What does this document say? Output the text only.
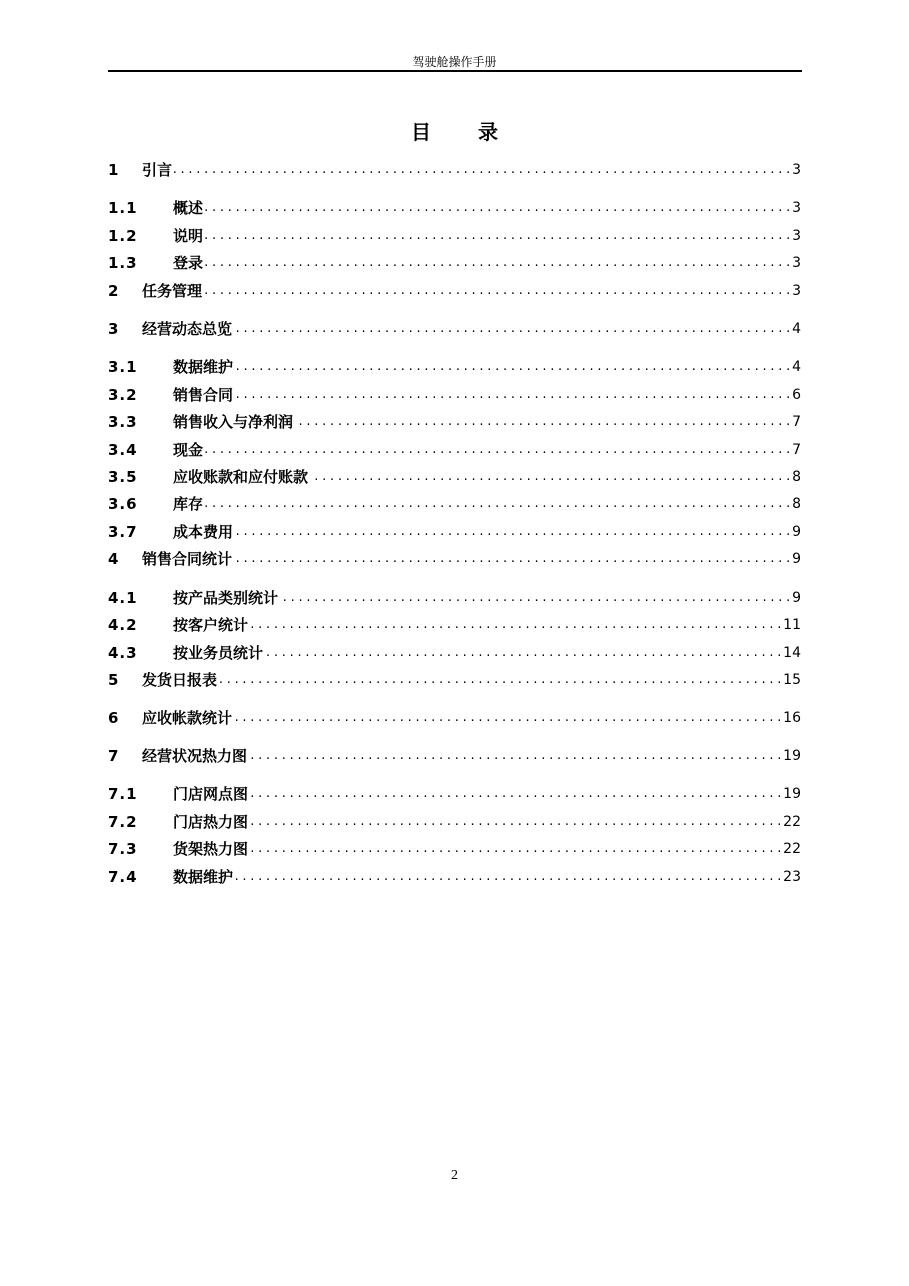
驾驶舱操作手册
目 录
1	引言 . . .	3
1.1	概述 . . .	3
1.2	说明 . . .	3
1.3	登录 . . .	3
2	任务管理 . . .	3
3	经营动态总览 . . .	4
3.1	数据维护 . . .	4
3.2	销售合同 . . .	6
3.3	销售收入与净利润 . . .	7
3.4	现金 . . .	7
3.5	应收账款和应付账款 . . .	8
3.6	库存 . . .	8
3.7	成本费用 . . .	9
4	销售合同统计 . . .	9
4.1	按产品类别统计 . . .	9
4.2	按客户统计 . . .	11
4.3	按业务员统计 . . .	14
5	发货日报表 . . .	15
6	应收帐款统计 . . .	16
7	经营状况热力图 . . .	19
7.1	门店网点图 . . .	19
7.2	门店热力图 . . .	22
7.3	货架热力图 . . .	22
7.4	数据维护 . . .	23
2
